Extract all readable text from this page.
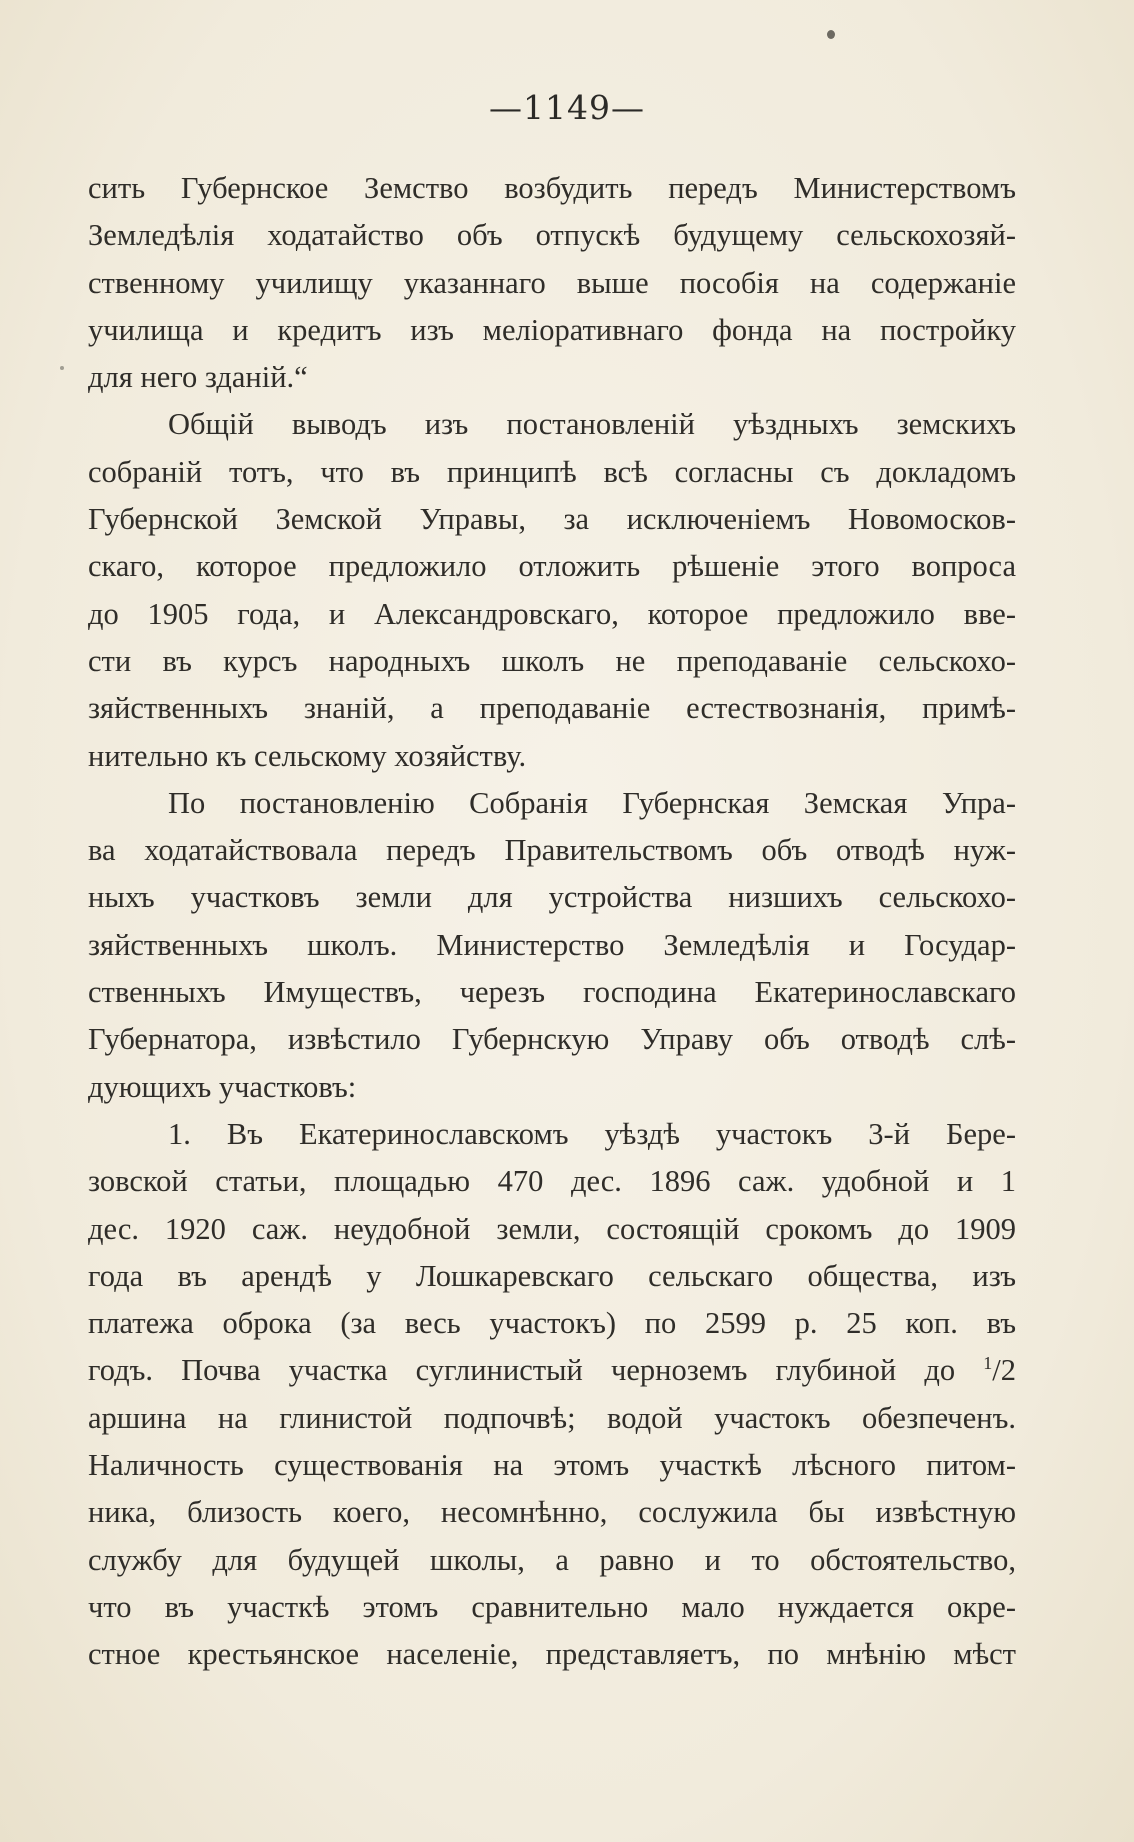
—1149—
сить Губернское Земство возбудить передъ Министерствомъ
Земледѣлія ходатайство объ отпускѣ будущему сельскохозяй-
ственному училищу указаннаго выше пособія на содержаніе
училища и кредитъ изъ меліоративнаго фонда на постройку
для него зданій.“
Общій выводъ изъ постановленій уѣздныхъ земскихъ
собраній тотъ, что въ принципѣ всѣ согласны съ докладомъ
Губернской Земской Управы, за исключеніемъ Новомосков-
скаго, которое предложило отложить рѣшеніе этого вопроса
до 1905 года, и Александровскаго, которое предложило вве-
сти въ курсъ народныхъ школъ не преподаваніе сельскохо-
зяйственныхъ знаній, а преподаваніе естествознанія, примѣ-
нительно къ сельскому хозяйству.
По постановленію Собранія Губернская Земская Упра-
ва ходатайствовала передъ Правительствомъ объ отводѣ нуж-
ныхъ участковъ земли для устройства низшихъ сельскохо-
зяйственныхъ школъ. Министерство Земледѣлія и Государ-
ственныхъ Имуществъ, черезъ господина Екатеринославскаго
Губернатора, извѣстило Губернскую Управу объ отводѣ слѣ-
дующихъ участковъ:
1. Въ Екатеринославскомъ уѣздѣ участокъ 3-й Бере-
зовской статьи, площадью 470 дес. 1896 саж. удобной и 1
дес. 1920 саж. неудобной земли, состоящій срокомъ до 1909
года въ арендѣ у Лошкаревскаго сельскаго общества, изъ
платежа оброка (за весь участокъ) по 2599 р. 25 коп. въ
годъ. Почва участка суглинистый черноземъ глубиной до $^1$/2
аршина на глинистой подпочвѣ; водой участокъ обезпеченъ.
Наличность существованія на этомъ участкѣ лѣсного питом-
ника, близость коего, несомнѣнно, сослужила бы извѣстную
службу для будущей школы, а равно и то обстоятельство,
что въ участкѣ этомъ сравнительно мало нуждается окре-
стное крестьянское населеніе, представляетъ, по мнѣнію мѣст
